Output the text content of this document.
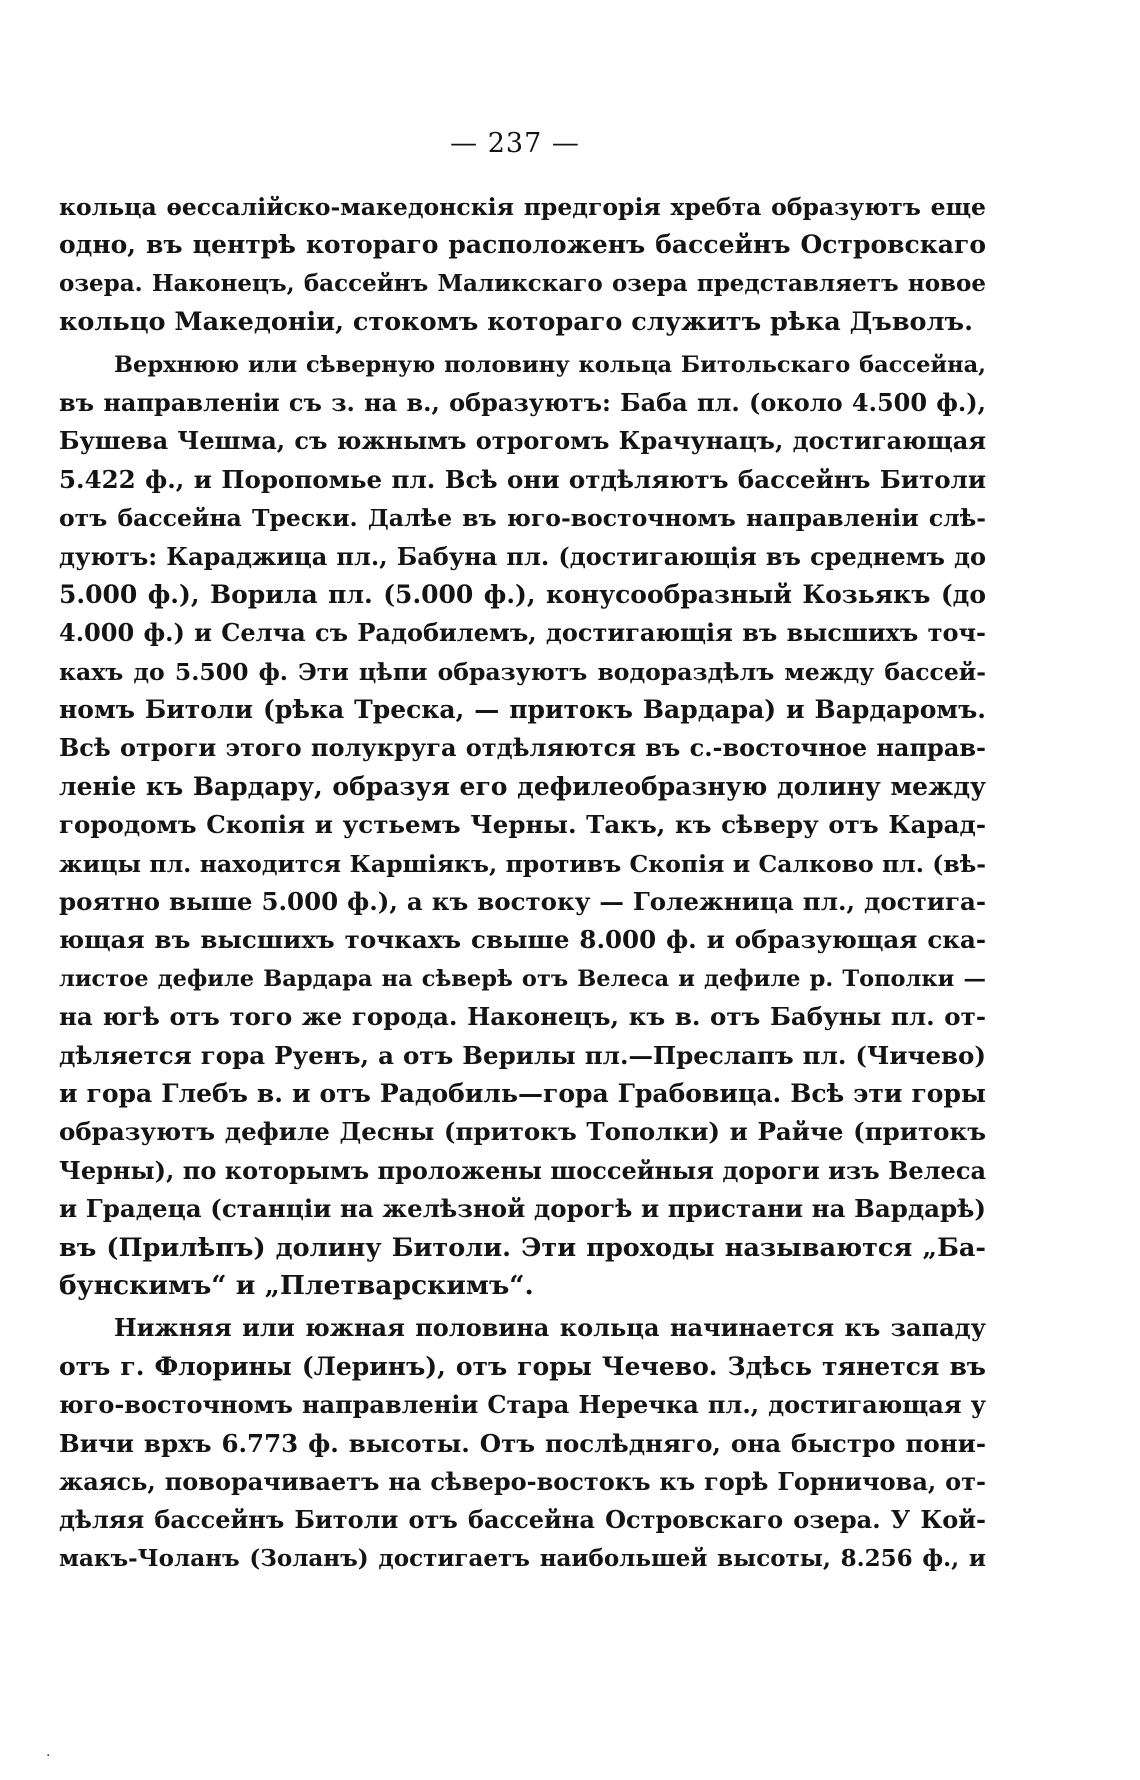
— 237 —
кольца ѳессалійско-македонскія предгорія хребта образуютъ еще
одно, въ центрѣ котораго расположенъ бассейнъ Островскаго
озера. Наконецъ, бассейнъ Маликскаго озера представляетъ новое
кольцо Македоніи, стокомъ котораго служитъ рѣка Дъволъ.
Верхнюю или сѣверную половину кольца Битольскаго бассейна,
въ направленіи съ з. на в., образуютъ: Баба пл. (около 4.500 ф.),
Бушева Чешма, съ южнымъ отрогомъ Крачунацъ, достигающая
5.422 ф., и Поропомье пл. Всѣ они отдѣляютъ бассейнъ Битоли
отъ бассейна Трески. Далѣе въ юго-восточномъ направленіи слѣ-
дуютъ: Караджица пл., Бабуна пл. (достигающія въ среднемъ до
5.000 ф.), Ворила пл. (5.000 ф.), конусообразный Козьякъ (до
4.000 ф.) и Селча съ Радобилемъ, достигающія въ высшихъ точ-
кахъ до 5.500 ф. Эти цѣпи образуютъ водораздѣлъ между бассей-
номъ Битоли (рѣка Треска, — притокъ Вардара) и Вардаромъ.
Всѣ отроги этого полукруга отдѣляются въ с.-восточное направ-
леніе къ Вардару, образуя его дефилеобразную долину между
городомъ Скопія и устьемъ Черны. Такъ, къ сѣверу отъ Карад-
жицы пл. находится Каршіякъ, противъ Скопія и Салково пл. (вѣ-
роятно выше 5.000 ф.), а къ востоку — Голежница пл., достига-
ющая въ высшихъ точкахъ свыше 8.000 ф. и образующая ска-
листое дефиле Вардара на сѣверѣ отъ Велеса и дефиле р. Тополки —
на югѣ отъ того же города. Наконецъ, къ в. отъ Бабуны пл. от-
дѣляется гора Руенъ, а отъ Верилы пл.—Преслапъ пл. (Чичево)
и гора Глебъ в. и отъ Радобиль—гора Грабовица. Всѣ эти горы
образуютъ дефиле Десны (притокъ Тополки) и Райче (притокъ
Черны), по которымъ проложены шоссейныя дороги изъ Велеса
и Градеца (станціи на желѣзной дорогѣ и пристани на Вардарѣ)
въ (Прилѣпъ) долину Битоли. Эти проходы называются „Ба-
бунскимъ“ и „Плетварскимъ“.
Нижняя или южная половина кольца начинается къ западу
отъ г. Флорины (Леринъ), отъ горы Чечево. Здѣсь тянется въ
юго-восточномъ направленіи Стара Неречка пл., достигающая у
Вичи врхъ 6.773 ф. высоты. Отъ послѣдняго, она быстро пони-
жаясь, поворачиваетъ на сѣверо-востокъ къ горѣ Горничова, от-
дѣляя бассейнъ Битоли отъ бассейна Островскаго озера. У Кой-
макъ-Чоланъ (Золанъ) достигаетъ наибольшей высоты, 8.256 ф., и
·
